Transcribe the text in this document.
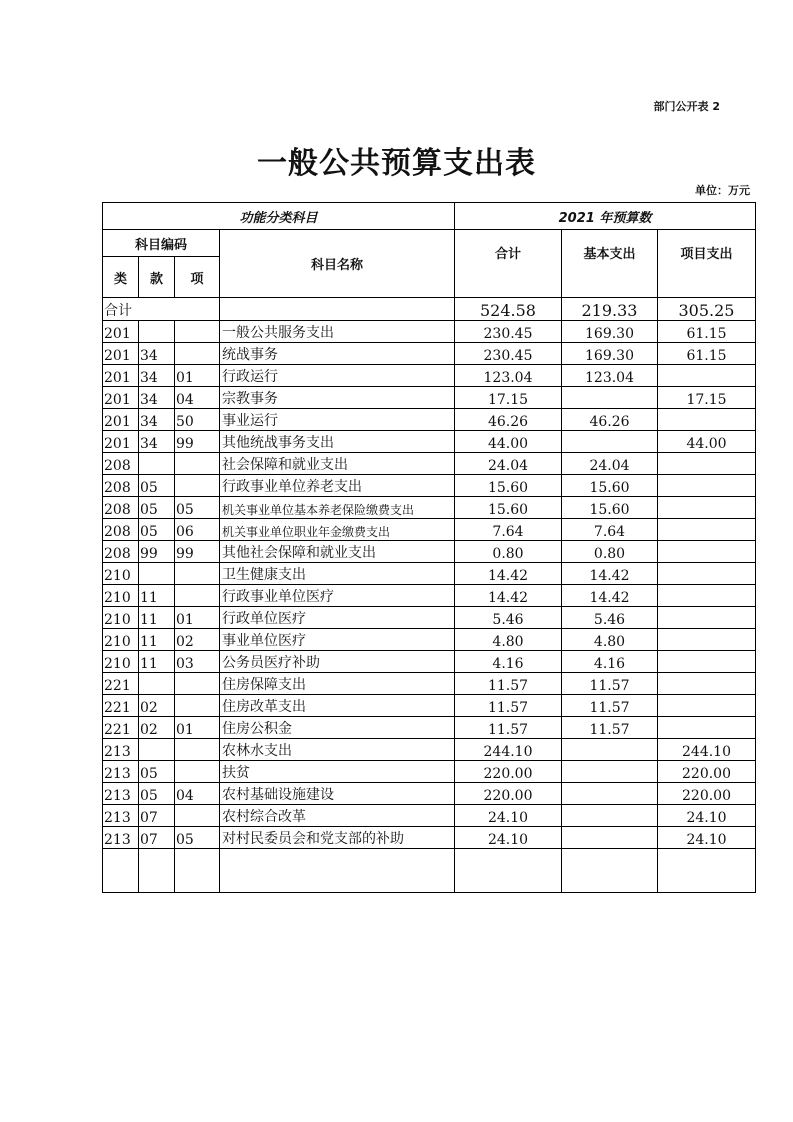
部门公开表 2
一般公共预算支出表
单位：万元
功能分类科目				2021 年预算数		
科目编码			科目名称	合计	基本支出	项目支出
类	款	项				
合计				524.58	219.33	305.25
201			一般公共服务支出	230.45	169.30	61.15
201	34		统战事务	230.45	169.30	61.15
201	34	01	行政运行	123.04	123.04	
201	34	04	宗教事务	17.15		17.15
201	34	50	事业运行	46.26	46.26	
201	34	99	其他统战事务支出	44.00		44.00
208			社会保障和就业支出	24.04	24.04	
208	05		行政事业单位养老支出	15.60	15.60	
208	05	05	机关事业单位基本养老保险缴费支出	15.60	15.60	
208	05	06	机关事业单位职业年金缴费支出	7.64	7.64	
208	99	99	其他社会保障和就业支出	0.80	0.80	
210			卫生健康支出	14.42	14.42	
210	11		行政事业单位医疗	14.42	14.42	
210	11	01	行政单位医疗	5.46	5.46	
210	11	02	事业单位医疗	4.80	4.80	
210	11	03	公务员医疗补助	4.16	4.16	
221			住房保障支出	11.57	11.57	
221	02		住房改革支出	11.57	11.57	
221	02	01	住房公积金	11.57	11.57	
213			农林水支出	244.10		244.10
213	05		扶贫	220.00		220.00
213	05	04	农村基础设施建设	220.00		220.00
213	07		农村综合改革	24.10		24.10
213	07	05	对村民委员会和党支部的补助	24.10		24.10
